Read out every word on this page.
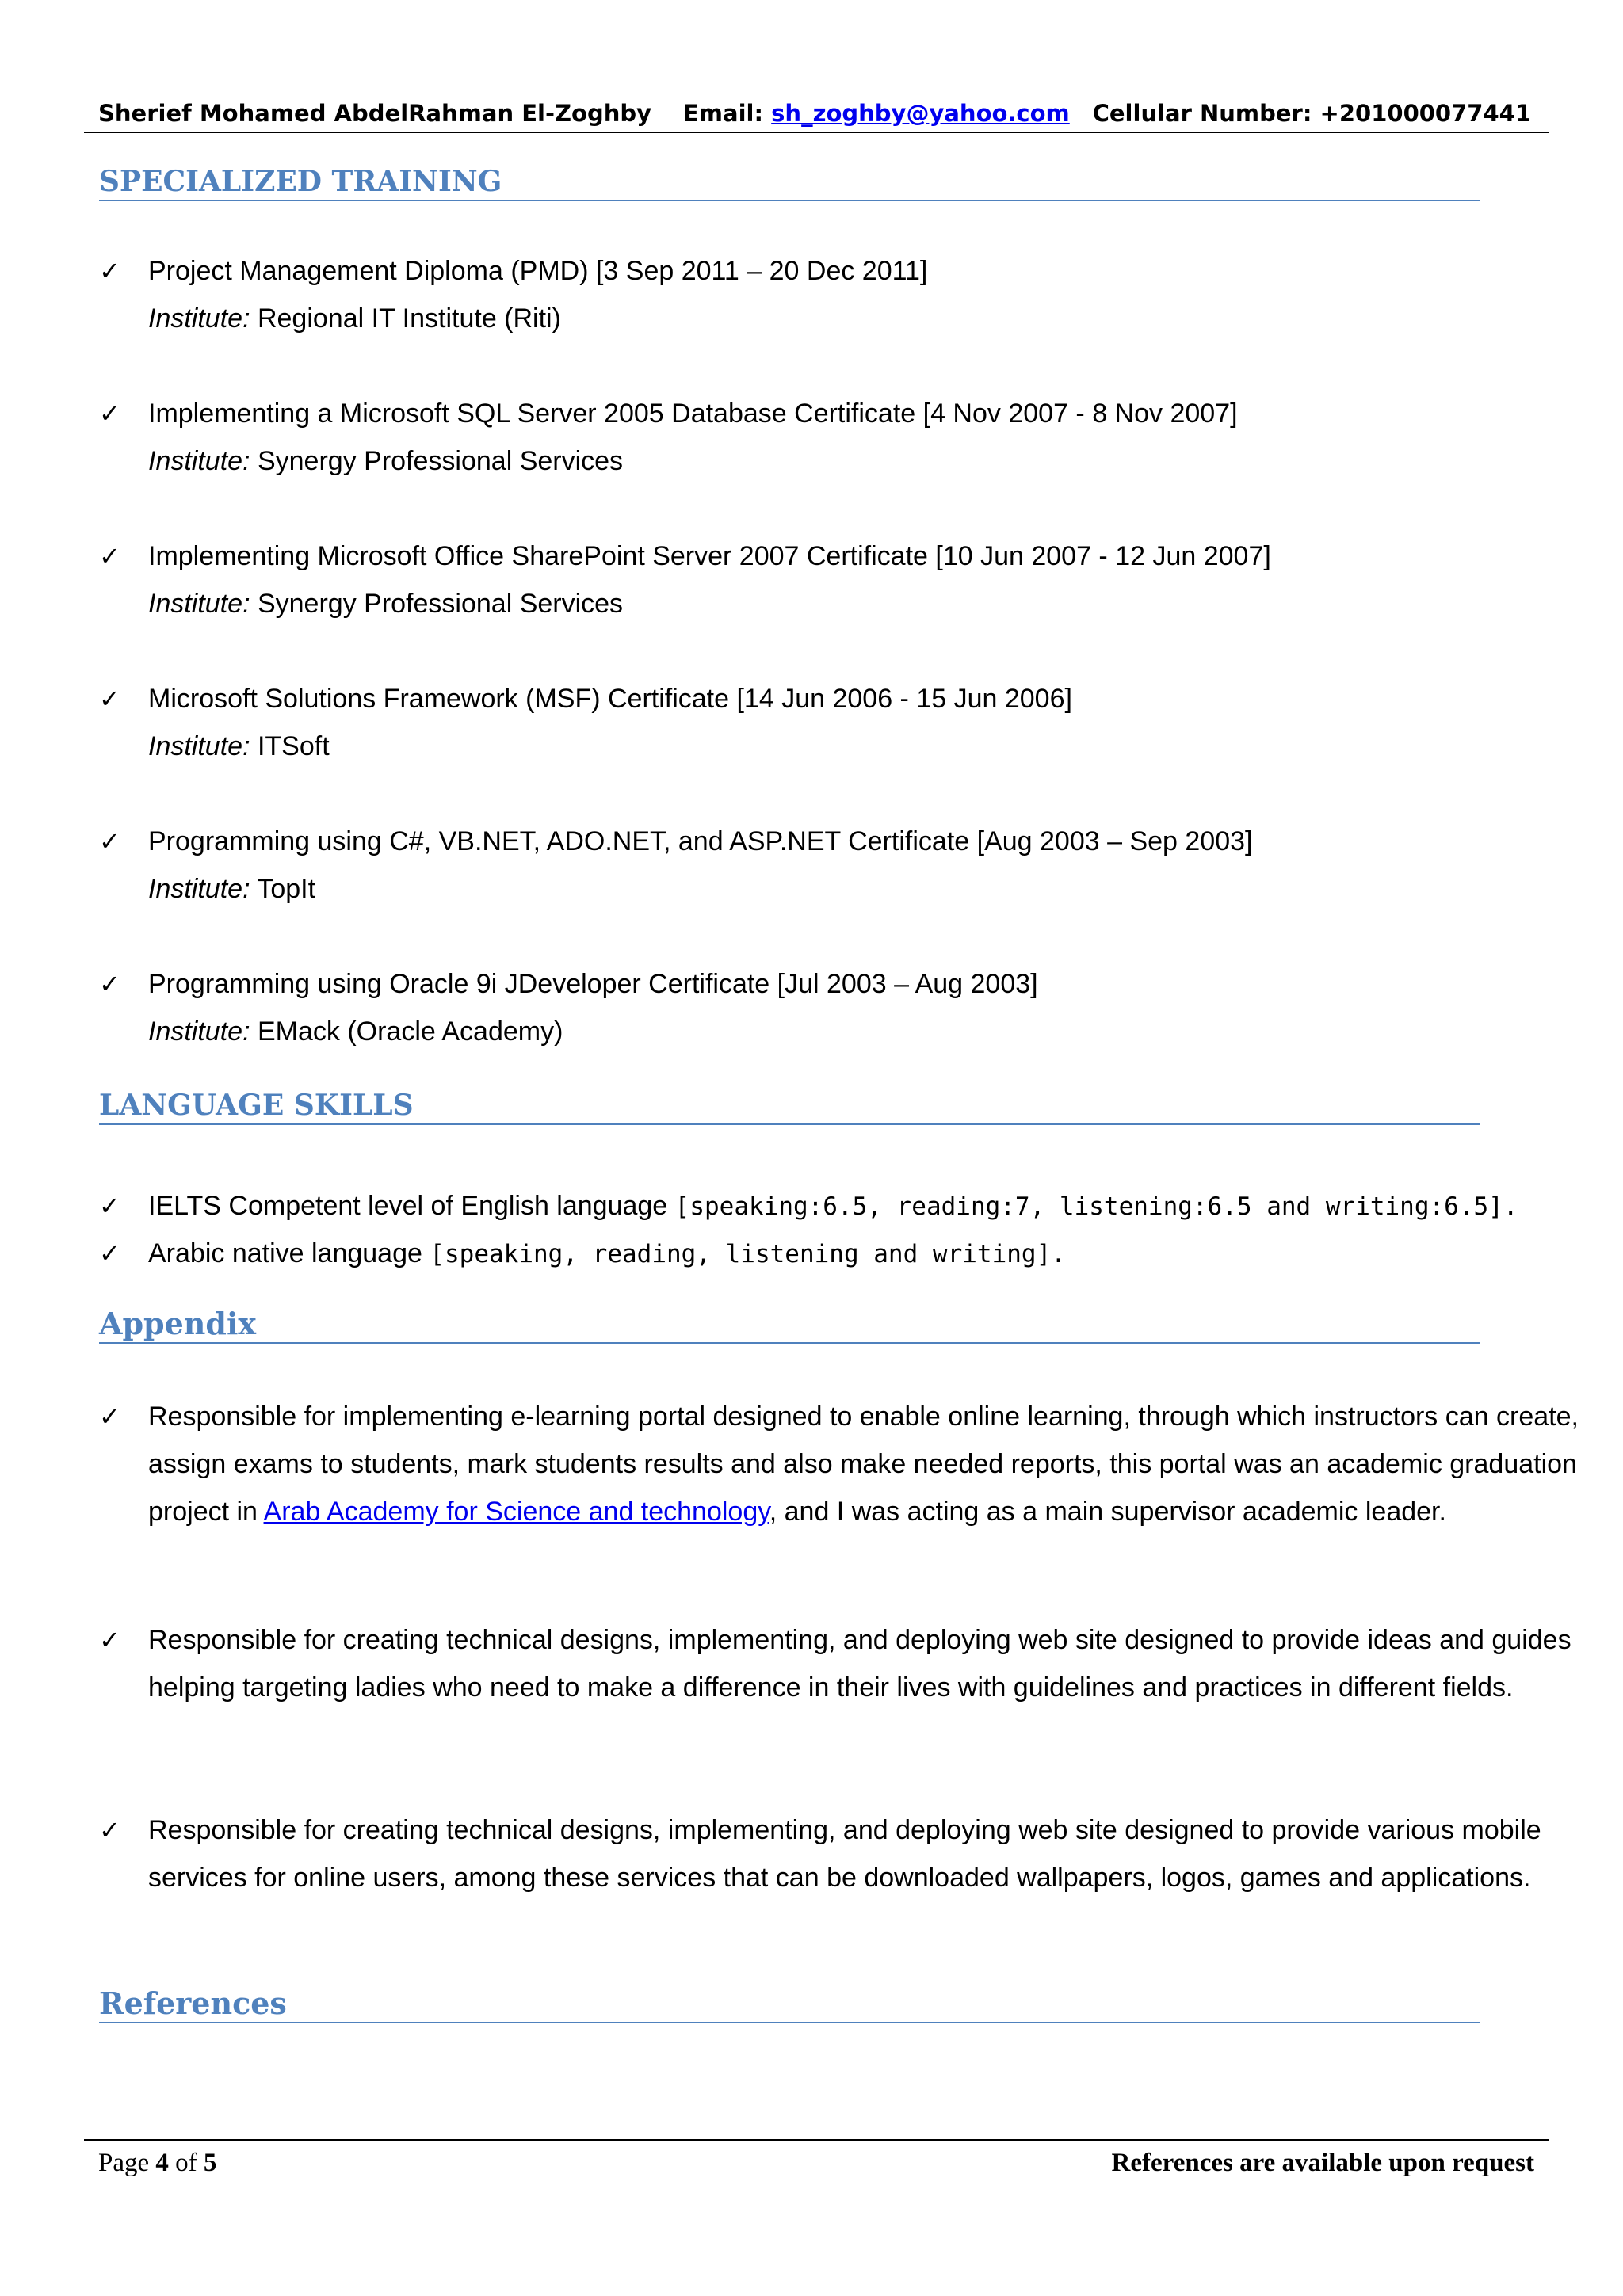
Sherief Mohamed AbdelRahman El-Zoghby Email: sh_zoghby@yahoo.com Cellular Number: +201000077441
SPECIALIZED TRAINING
✓ Project Management Diploma (PMD) [3 Sep 2011 – 20 Dec 2011]
Institute: Regional IT Institute (Riti)
✓ Implementing a Microsoft SQL Server 2005 Database Certificate [4 Nov 2007 - 8 Nov 2007]
Institute: Synergy Professional Services
✓ Implementing Microsoft Office SharePoint Server 2007 Certificate [10 Jun 2007 - 12 Jun 2007]
Institute: Synergy Professional Services
✓ Microsoft Solutions Framework (MSF) Certificate [14 Jun 2006 - 15 Jun 2006]
Institute: ITSoft
✓ Programming using C#, VB.NET, ADO.NET, and ASP.NET Certificate [Aug 2003 – Sep 2003]
Institute: TopIt
✓ Programming using Oracle 9i JDeveloper Certificate [Jul 2003 – Aug 2003]
Institute: EMack (Oracle Academy)
LANGUAGE SKILLS
✓ IELTS Competent level of English language [speaking:6.5, reading:7, listening:6.5 and writing:6.5].
✓ Arabic native language [speaking, reading, listening and writing].
Appendix
✓ Responsible for implementing e-learning portal designed to enable online learning, through which instructors can create, assign exams to students, mark students results and also make needed reports, this portal was an academic graduation project in Arab Academy for Science and technology, and I was acting as a main supervisor academic leader.
✓ Responsible for creating technical designs, implementing, and deploying web site designed to provide ideas and guides helping targeting ladies who need to make a difference in their lives with guidelines and practices in different fields.
✓ Responsible for creating technical designs, implementing, and deploying web site designed to provide various mobile services for online users, among these services that can be downloaded wallpapers, logos, games and applications.
References
Page 4 of 5	References are available upon request
